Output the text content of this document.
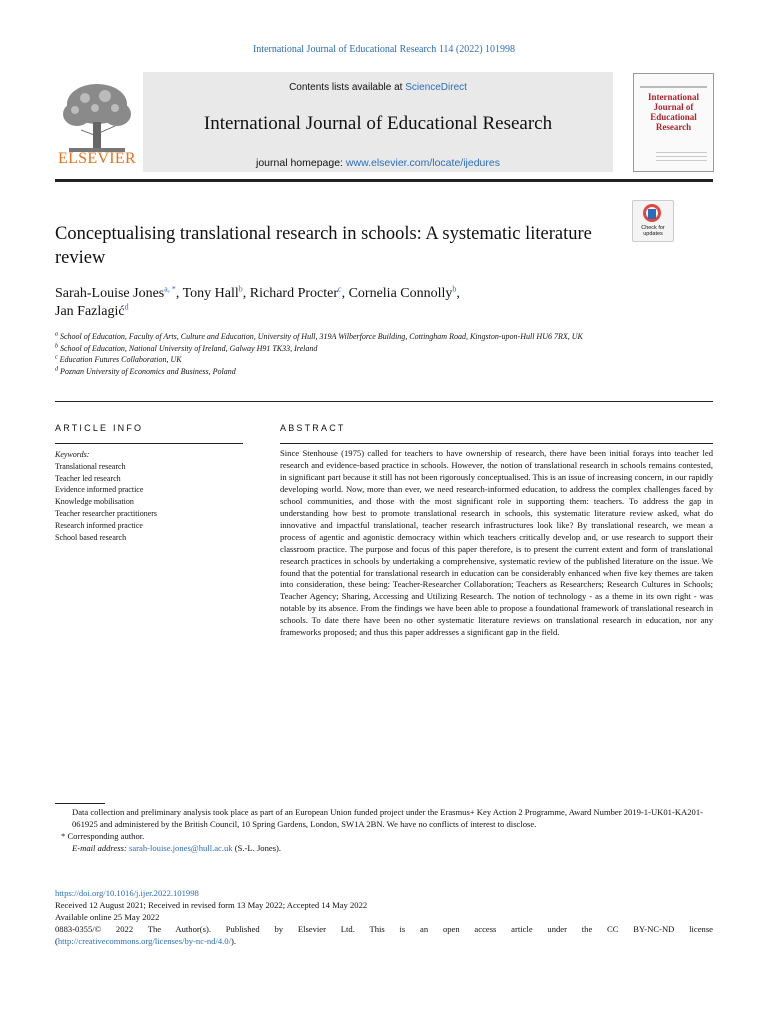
International Journal of Educational Research 114 (2022) 101998
ELSEVIER
Contents lists available at ScienceDirect
International Journal of Educational Research
journal homepage: www.elsevier.com/locate/ijedures
International Journal of Educational Research
Check for updates
Conceptualising translational research in schools: A systematic literature review
Sarah-Louise Jones$^{a, *}$, Tony Hall$^b$, Richard Procter$^c$, Cornelia Connolly$^b$,
Jan Fazlagić$^d$
$^a$ School of Education, Faculty of Arts, Culture and Education, University of Hull, 319A Wilberforce Building, Cottingham Road, Kingston-upon-Hull HU6 7RX, UK
$^b$ School of Education, National University of Ireland, Galway H91 TK33, Ireland
$^c$ Education Futures Collaboration, UK
$^d$ Poznan University of Economics and Business, Poland
ARTICLE INFO	ABSTRACT
Keywords:
Translational research
Teacher led research
Evidence informed practice
Knowledge mobilisation
Teacher researcher practitioners
Research informed practice
School based research
Since Stenhouse (1975) called for teachers to have ownership of research, there have been initial forays into teacher led research and evidence-based practice in schools. However, the notion of translational research in schools remains contested, in significant part because it still has not been rigorously conceptualised. This is an issue of increasing concern, in our rapidly developing world. Now, more than ever, we need research-informed education, to address the complex challenges faced by school communities, and those with the most significant role in supporting them: teachers. To address the gap in understanding how best to promote translational research in schools, this systematic literature review asked, what do innovative and impactful translational, teacher research infrastructures look like? By translational research, we mean a process of agentic and agonistic democracy within which teachers critically develop and, or use research to support their classroom practice. The purpose and focus of this paper therefore, is to present the current extent and form of translational research practices in schools by undertaking a comprehensive, systematic review of the published literature on the issue. We found that the potential for translational research in education can be considerably enhanced when five key themes are taken into consideration, these being: Teacher-Researcher Collaboration; Teachers as Researchers; Research Cultures in Schools; Teacher Agency; Sharing, Accessing and Utilizing Research. The notion of technology - as a theme in its own right - was notable by its absence. From the findings we have been able to propose a foundational framework of translational research in schools. To date there have been no other systematic literature reviews on translational research in education, nor any frameworks proposed; and thus this paper addresses a significant gap in the field.
Data collection and preliminary analysis took place as part of an European Union funded project under the Erasmus+ Key Action 2 Programme, Award Number 2019-1-UK01-KA201-061925 and administered by the British Council, 10 Spring Gardens, London, SW1A 2BN. We have no conflicts of interest to disclose.
* Corresponding author.
E-mail address: sarah-louise.jones@hull.ac.uk (S.-L. Jones).
https://doi.org/10.1016/j.ijer.2022.101998
Received 12 August 2021; Received in revised form 13 May 2022; Accepted 14 May 2022
Available online 25 May 2022
0883-0355/© 2022 The Author(s). Published by Elsevier Ltd. This is an open access article under the CC BY-NC-ND license
(http://creativecommons.org/licenses/by-nc-nd/4.0/).
